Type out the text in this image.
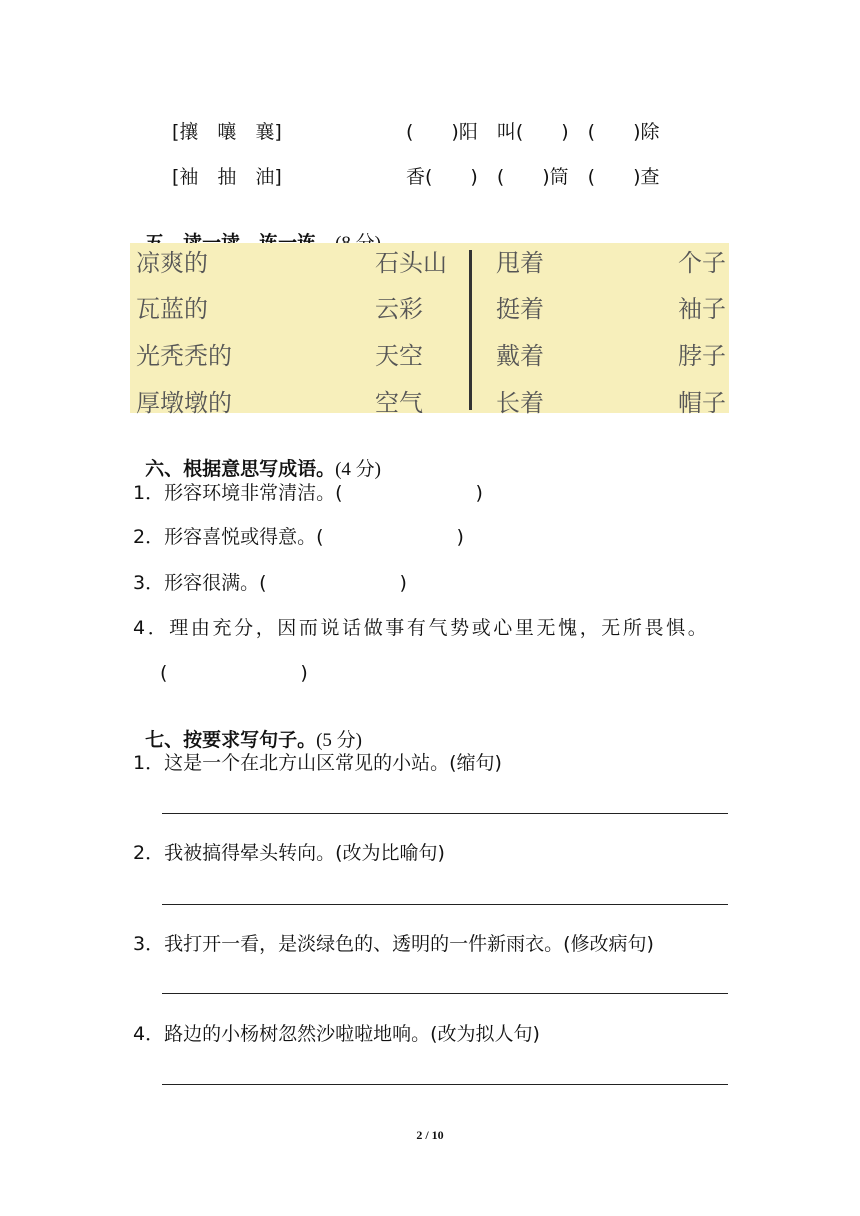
[攘　嚷　襄]	(　　)阳　叫(　　)　(　　)除
[袖　抽　油]	香(　　)　(　　)筒　(　　)查

凉爽的
瓦蓝的
光秃秃的
厚墩墩的
石头山
云彩
天空
空气
甩着
挺着
戴着
长着
个子
袖子
脖子
帽子

六、根据意思写成语。(4 分)

1．形容环境非常清洁。(　　　　　　　)
2．形容喜悦或得意。(　　　　　　　)
3．形容很满。(　　　　　　　)
4．理由充分，因而说话做事有气势或心里无愧，无所畏惧。
(　　　　　　　)

七、按要求写句子。(5 分)

1．这是一个在北方山区常见的小站。(缩句)
2．我被搞得晕头转向。(改为比喻句)
3．我打开一看，是淡绿色的、透明的一件新雨衣。(修改病句)
4．路边的小杨树忽然沙啦啦地响。(改为拟人句)
2 / 10
